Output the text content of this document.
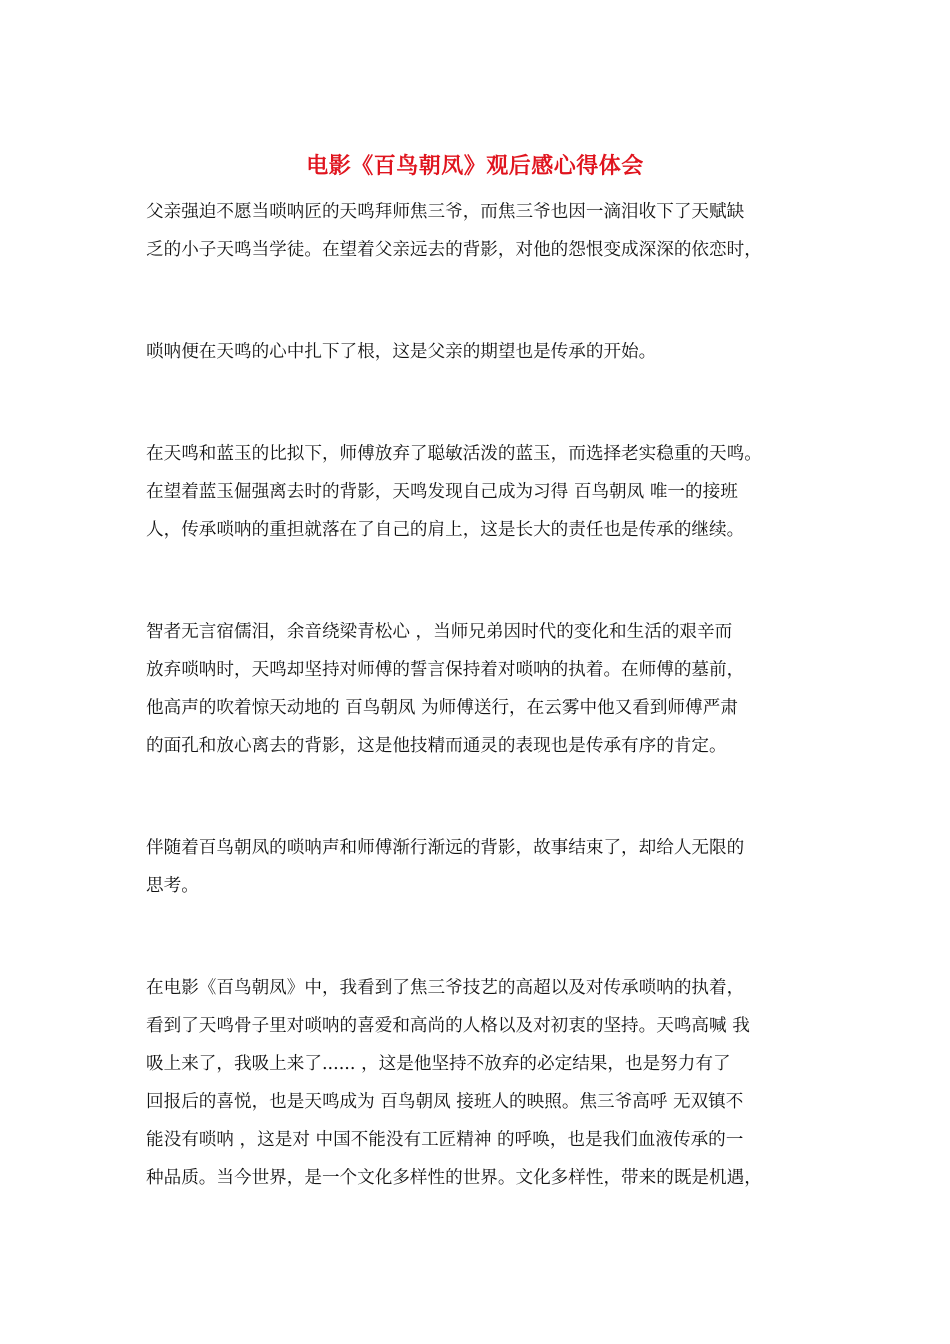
电影《百鸟朝凤》观后感心得体会
父亲强迫不愿当唢呐匠的天鸣拜师焦三爷，而焦三爷也因一滴泪收下了天赋缺
乏的小子天鸣当学徒。在望着父亲远去的背影，对他的怨恨变成深深的依恋时，
唢呐便在天鸣的心中扎下了根，这是父亲的期望也是传承的开始。
在天鸣和蓝玉的比拟下，师傅放弃了聪敏活泼的蓝玉，而选择老实稳重的天鸣。
在望着蓝玉倔强离去时的背影，天鸣发现自己成为习得 百鸟朝凤 唯一的接班
人，传承唢呐的重担就落在了自己的肩上，这是长大的责任也是传承的继续。
智者无言宿儒泪，余音绕梁青松心 ，当师兄弟因时代的变化和生活的艰辛而
放弃唢呐时，天鸣却坚持对师傅的誓言保持着对唢呐的执着。在师傅的墓前，
他高声的吹着惊天动地的 百鸟朝凤 为师傅送行，在云雾中他又看到师傅严肃
的面孔和放心离去的背影，这是他技精而通灵的表现也是传承有序的肯定。
伴随着百鸟朝凤的唢呐声和师傅渐行渐远的背影，故事结束了，却给人无限的
思考。
在电影《百鸟朝凤》中，我看到了焦三爷技艺的高超以及对传承唢呐的执着，
看到了天鸣骨子里对唢呐的喜爱和高尚的人格以及对初衷的坚持。天鸣高喊 我
吸上来了，我吸上来了...... ，这是他坚持不放弃的必定结果，也是努力有了
回报后的喜悦，也是天鸣成为 百鸟朝凤 接班人的映照。焦三爷高呼 无双镇不
能没有唢呐 ，这是对 中国不能没有工匠精神 的呼唤，也是我们血液传承的一
种品质。当今世界，是一个文化多样性的世界。文化多样性，带来的既是机遇，
